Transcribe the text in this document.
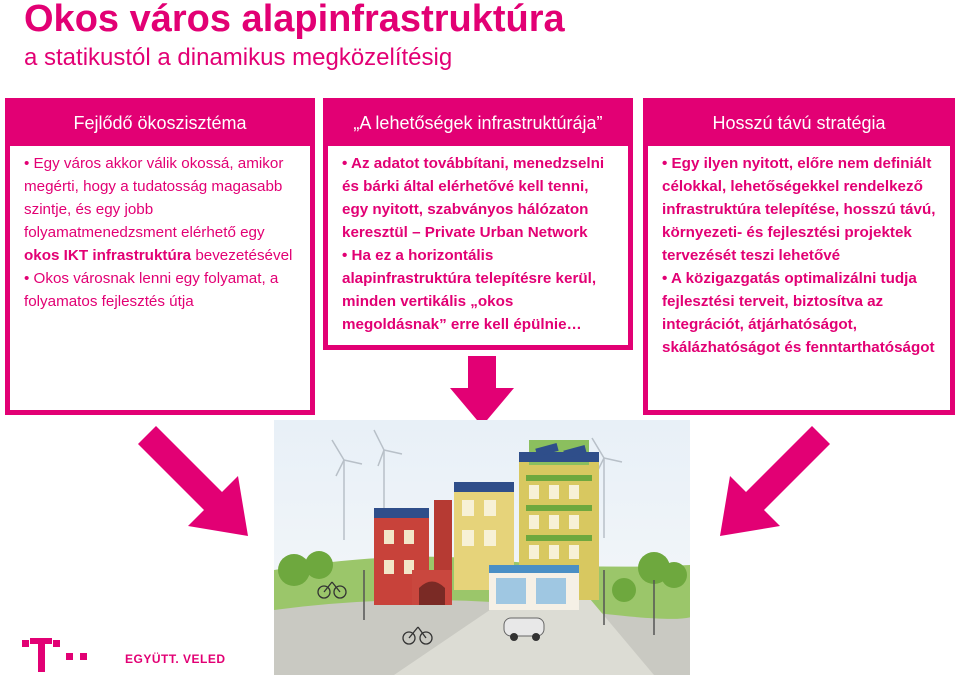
Okos város alapinfrastruktúra
a statikustól a dinamikus megközelítésig
Fejlődő ökoszisztéma

• Egy város akkor válik okossá, amikor megérti, hogy a tudatosság magasabb szintje, és egy jobb folyamatmenedzsment elérhető egy okos IKT infrastruktúra bevezetésével

• Okos városnak lenni egy folyamat, a folyamatos fejlesztés útja

„A lehetőségek infrastruktúrája”

• Az adatot továbbítani, menedzselni és bárki által elérhetővé kell tenni, egy nyitott, szabványos hálózaton keresztül – Private Urban Network

• Ha ez a horizontális alapinfrastruktúra telepítésre kerül, minden vertikális „okos megoldásnak” erre kell épülnie…

Hosszú távú stratégia

• Egy ilyen nyitott, előre nem definiált célokkal, lehetőségekkel rendelkező infrastruktúra telepítése, hosszú távú, környezeti- és fejlesztési projektek tervezését teszi lehetővé

• A közigazgatás optimalizálni tudja fejlesztési terveit, biztosítva az integrációt, átjárhatóságot, skálázhatóságot és fenntarthatóságot

EGYÜTT. VELED
